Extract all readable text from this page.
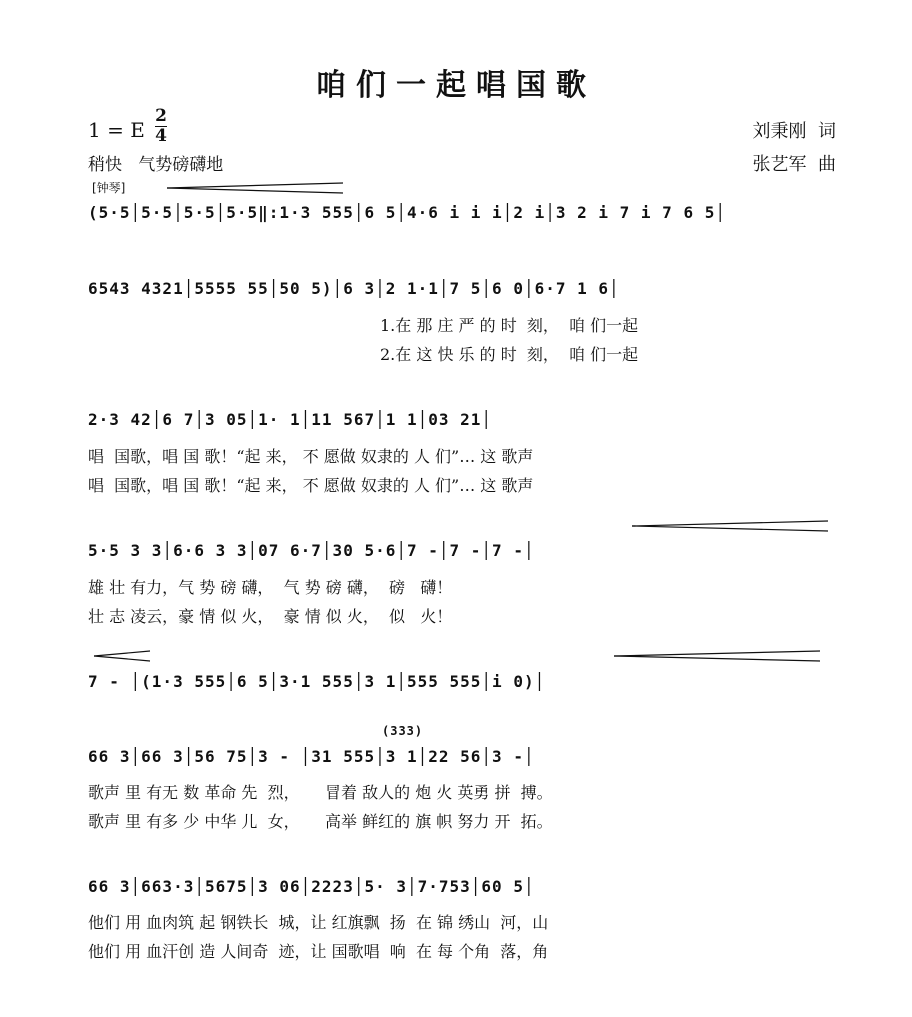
咱们一起唱国歌
1 = E
2
4
稍快   气势磅礴地
刘秉刚  词
张艺军  曲
[钟琴]
(5·5│5·5│5·5│5·5‖:1·3 555│6 5│4·6 i i i│2 i│3 2 i 7 i 7 6 5│
6543 4321│5555 55│50 5)│6 3│2 1·1│7 5│6 0│6·7 1 6│
1.在 那 庄 严 的 时  刻，  咱 们一起
2.在 这 快 乐 的 时  刻，  咱 们一起
2·3 42│6 7│3 05│1· 1│11 567│1 1│03 21│
唱  国歌，唱 国 歌！“起 来， 不 愿做 奴隶的 人 们”… 这 歌声
唱  国歌，唱 国 歌！“起 来， 不 愿做 奴隶的 人 们”… 这 歌声
5·5 3 3│6·6 3 3│07 6·7│30 5·6│7 -│7 -│7 -│
雄 壮 有力，气 势 磅 礴，  气 势 磅 礴，  磅   礴！
壮 志 凌云，豪 情 似 火，  豪 情 似 火，  似   火！
7 - │(1·3 555│6 5│3·1 555│3 1│555 555│i 0)│
(333)
66 3│66 3│56 75│3 - │31 555│3 1│22 56│3 -│
歌声 里 有无 数 革命 先  烈，     冒着 敌人的 炮 火 英勇 拼  搏。
歌声 里 有多 少 中华 儿  女，     高举 鲜红的 旗 帜 努力 开  拓。
66 3│663·3│5675│3 06│2223│5· 3│7·753│60 5│
他们 用 血肉筑 起 钢铁长  城，让 红旗飘  扬  在 锦 绣山  河，山
他们 用 血汗创 造 人间奇  迹，让 国歌唱  响  在 每 个角  落，角
